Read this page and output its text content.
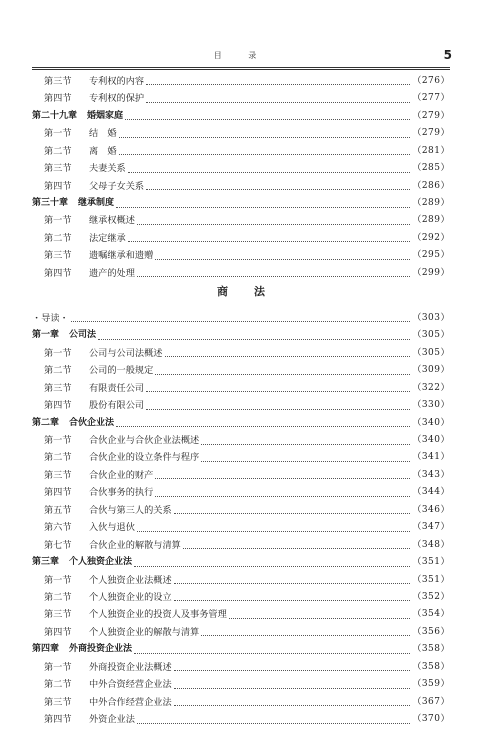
目 录	5
第三节 专利权的内容	（276）
第四节 专利权的保护	（277）
第二十九章 婚姻家庭	（279）
第一节 结　婚	（279）
第二节 离　婚	（281）
第三节 夫妻关系	（285）
第四节 父母子女关系	（286）
第三十章 继承制度	（289）
第一节 继承权概述	（289）
第二节 法定继承	（292）
第三节 遗嘱继承和遗赠	（295）
第四节 遗产的处理	（299）
商法
・导读・	（303）
第一章 公司法	（305）
第一节 公司与公司法概述	（305）
第二节 公司的一般规定	（309）
第三节 有限责任公司	（322）
第四节 股份有限公司	（330）
第二章 合伙企业法	（340）
第一节 合伙企业与合伙企业法概述	（340）
第二节 合伙企业的设立条件与程序	（341）
第三节 合伙企业的财产	（343）
第四节 合伙事务的执行	（344）
第五节 合伙与第三人的关系	（346）
第六节 入伙与退伙	（347）
第七节 合伙企业的解散与清算	（348）
第三章 个人独资企业法	（351）
第一节 个人独资企业法概述	（351）
第二节 个人独资企业的设立	（352）
第三节 个人独资企业的投资人及事务管理	（354）
第四节 个人独资企业的解散与清算	（356）
第四章 外商投资企业法	（358）
第一节 外商投资企业法概述	（358）
第二节 中外合资经营企业法	（359）
第三节 中外合作经营企业法	（367）
第四节 外资企业法	（370）
